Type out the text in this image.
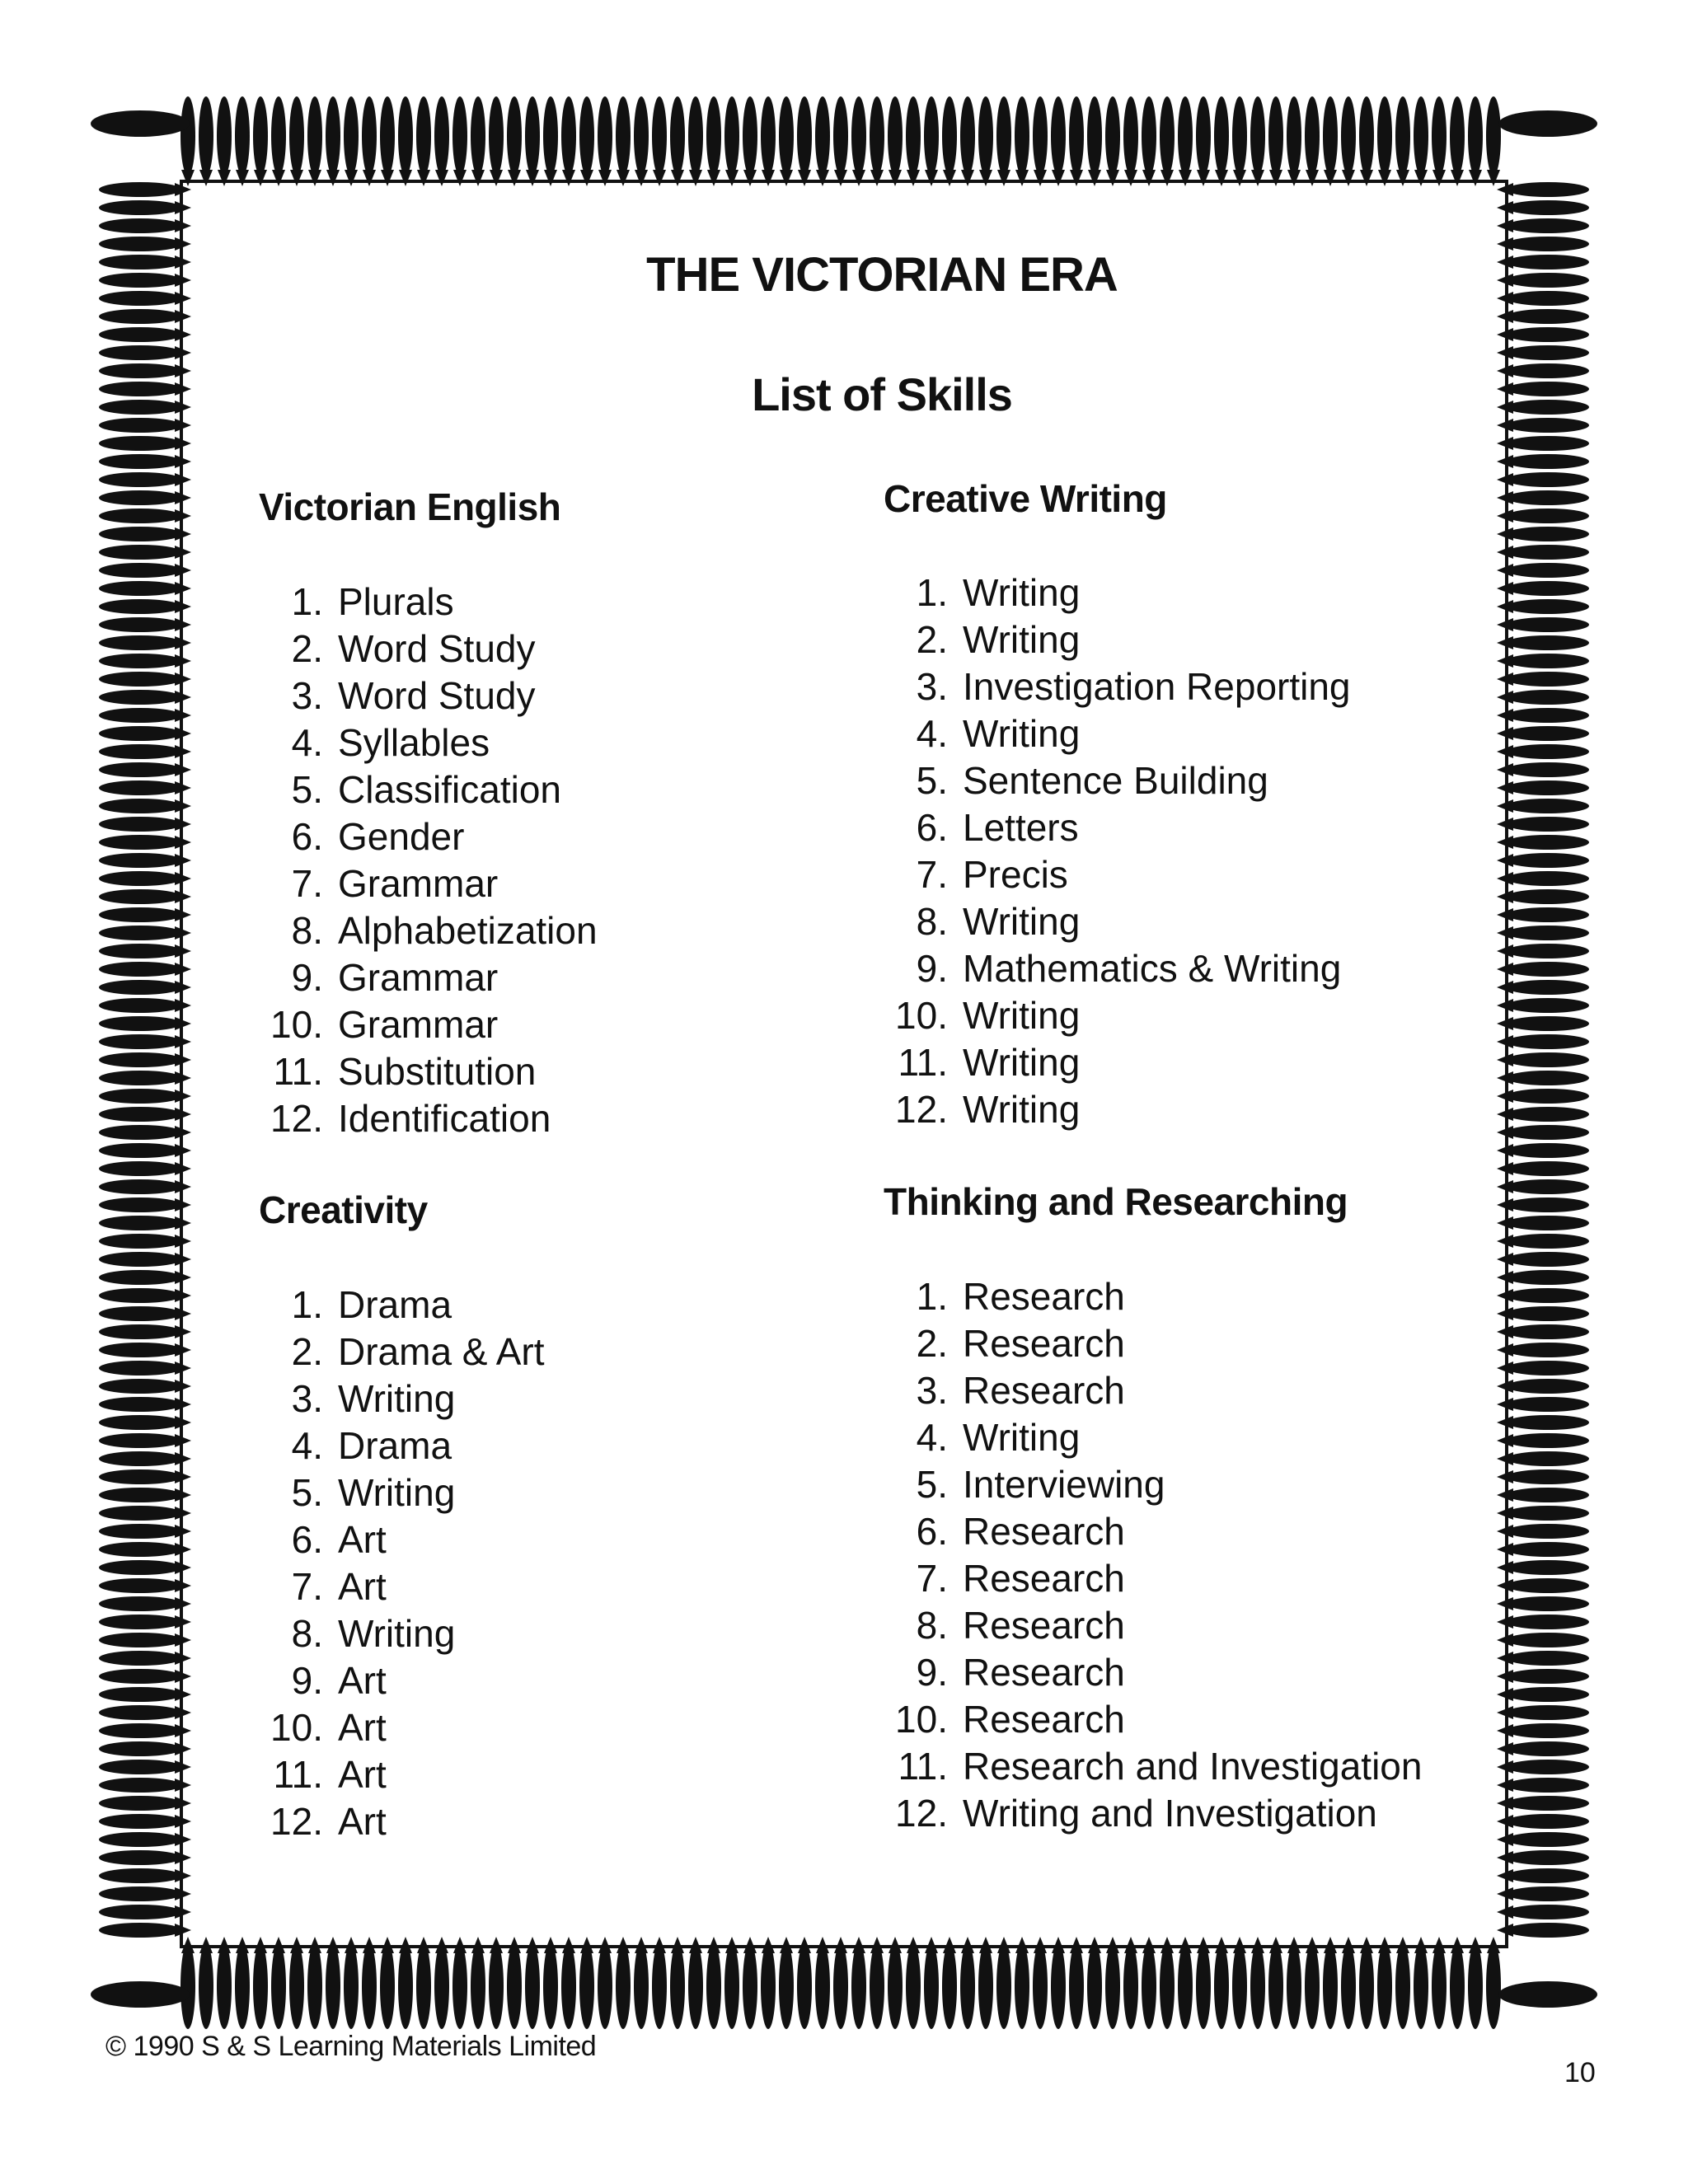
THE VICTORIAN ERA
List of Skills
Victorian English
1. Plurals
2. Word Study
3. Word Study
4. Syllables
5. Classification
6. Gender
7. Grammar
8. Alphabetization
9. Grammar
10. Grammar
11. Substitution
12. Identification
Creative Writing
1. Writing
2. Writing
3. Investigation Reporting
4. Writing
5. Sentence Building
6. Letters
7. Precis
8. Writing
9. Mathematics & Writing
10. Writing
11. Writing
12. Writing
Creativity
1. Drama
2. Drama & Art
3. Writing
4. Drama
5. Writing
6. Art
7. Art
8. Writing
9. Art
10. Art
11. Art
12. Art
Thinking and Researching
1. Research
2. Research
3. Research
4. Writing
5. Interviewing
6. Research
7. Research
8. Research
9. Research
10. Research
11. Research and Investigation
12. Writing and Investigation
© 1990 S & S Learning Materials Limited
10
